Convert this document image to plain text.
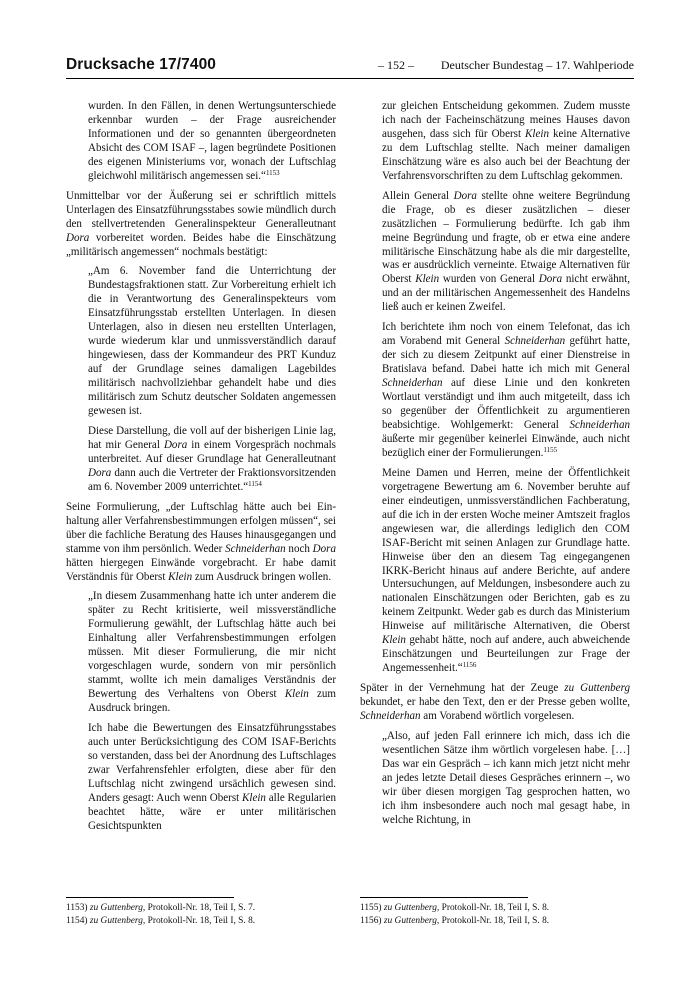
Drucksache 17/7400	– 152 – Deutscher Bundestag – 17. Wahlperiode

wurden. In den Fällen, in denen Wertungsunterschiede erkennbar wurden – der Frage ausreichender Informationen und der so genannten übergeordneten Absicht des COM ISAF –, lagen begründete Positionen des eigenen Ministeriums vor, wonach der Luftschlag gleichwohl militärisch angemessen sei.“$^{1153}$

Unmittelbar vor der Äußerung sei er schriftlich mittels Unterlagen des Einsatzführungsstabes sowie mündlich durch den stellvertretenden Generalinspekteur Generalleutnant Dora vorbereitet worden. Beides habe die Einschätzung „militärisch angemessen“ nochmals bestätigt:

„Am 6. November fand die Unterrichtung der Bundestagsfraktionen statt. Zur Vorbereitung erhielt ich die in Verantwortung des Generalinspekteurs vom Einsatzführungsstab erstellten Unterlagen. In diesen Unterlagen, also in diesen neu erstellten Unterlagen, wurde wiederum klar und unmissverständlich darauf hingewiesen, dass der Kommandeur des PRT Kunduz auf der Grundlage seines damaligen Lagebildes militärisch nachvollziehbar gehandelt habe und dies militärisch zum Schutz deutscher Soldaten angemessen gewesen ist.

Diese Darstellung, die voll auf der bisherigen Linie lag, hat mir General Dora in einem Vorgespräch nochmals unterbreitet. Auf dieser Grundlage hat Generalleutnant Dora dann auch die Vertreter der Fraktionsvorsitzenden am 6. November 2009 unterrichtet.“$^{1154}$

Seine Formulierung, „der Luftschlag hätte auch bei Einhaltung aller Verfahrensbestimmungen erfolgen müssen“, sei über die fachliche Beratung des Hauses hinausgegangen und stamme von ihm persönlich. Weder Schneiderhan noch Dora hätten hiergegen Einwände vorgebracht. Er habe damit Verständnis für Oberst Klein zum Ausdruck bringen wollen.

„In diesem Zusammenhang hatte ich unter anderem die später zu Recht kritisierte, weil missverständliche Formulierung gewählt, der Luftschlag hätte auch bei Einhaltung aller Verfahrensbestimmungen erfolgen müssen. Mit dieser Formulierung, die mir nicht vorgeschlagen wurde, sondern von mir persönlich stammt, wollte ich mein damaliges Verständnis der Bewertung des Verhaltens von Oberst Klein zum Ausdruck bringen.

Ich habe die Bewertungen des Einsatzführungsstabes auch unter Berücksichtigung des COM ISAF-Berichts so verstanden, dass bei der Anordnung des Luftschlages zwar Verfahrensfehler erfolgten, diese aber für den Luftschlag nicht zwingend ursächlich gewesen sind. Anders gesagt: Auch wenn Oberst Klein alle Regularien beachtet hätte, wäre er unter militärischen Gesichtspunkten

zur gleichen Entscheidung gekommen. Zudem musste ich nach der Facheinschätzung meines Hauses davon ausgehen, dass sich für Oberst Klein keine Alternative zu dem Luftschlag stellte. Nach meiner damaligen Einschätzung wäre es also auch bei der Beachtung der Verfahrensvorschriften zu dem Luftschlag gekommen.

Allein General Dora stellte ohne weitere Begründung die Frage, ob es dieser zusätzlichen – dieser zusätzlichen – Formulierung bedürfte. Ich gab ihm meine Begründung und fragte, ob er etwa eine andere militärische Einschätzung habe als die mir dargestellte, was er ausdrücklich verneinte. Etwaige Alternativen für Oberst Klein wurden von General Dora nicht erwähnt, und an der militärischen Angemessenheit des Handelns ließ auch er keinen Zweifel.

Ich berichtete ihm noch von einem Telefonat, das ich am Vorabend mit General Schneiderhan geführt hatte, der sich zu diesem Zeitpunkt auf einer Dienstreise in Bratislava befand. Dabei hatte ich mich mit General Schneiderhan auf diese Linie und den konkreten Wortlaut verständigt und ihm auch mitgeteilt, dass ich so gegenüber der Öffentlichkeit zu argumentieren beabsichtige. Wohlgemerkt: General Schneiderhan äußerte mir gegenüber keinerlei Einwände, auch nicht bezüglich einer der Formulierungen.$^{1155}$

Meine Damen und Herren, meine der Öffentlichkeit vorgetragene Bewertung am 6. November beruhte auf einer eindeutigen, unmissverständlichen Fachberatung, auf die ich in der ersten Woche meiner Amtszeit fraglos angewiesen war, die allerdings lediglich den COM ISAF-Bericht mit seinen Anlagen zur Grundlage hatte. Hinweise über den an diesem Tag eingegangenen IKRK-Bericht hinaus auf andere Berichte, auf andere Untersuchungen, auf Meldungen, insbesondere auch zu nationalen Einschätzungen oder Berichten, gab es zu keinem Zeitpunkt. Weder gab es durch das Ministerium Hinweise auf militärische Alternativen, die Oberst Klein gehabt hätte, noch auf andere, auch abweichende Einschätzungen und Beurteilungen zur Frage der Angemessenheit.“$^{1156}$

Später in der Vernehmung hat der Zeuge zu Guttenberg bekundet, er habe den Text, den er der Presse geben wollte, Schneiderhan am Vorabend wörtlich vorgelesen.

„Also, auf jeden Fall erinnere ich mich, dass ich die wesentlichen Sätze ihm wörtlich vorgelesen habe. […] Das war ein Gespräch – ich kann mich jetzt nicht mehr an jedes letzte Detail dieses Gespräches erinnern –, wo wir über diesen morgigen Tag gesprochen hatten, wo ich ihm insbesondere auch noch mal gesagt habe, in welche Richtung, in

1153) zu Guttenberg, Protokoll-Nr. 18, Teil I, S. 7.
1154) zu Guttenberg, Protokoll-Nr. 18, Teil I, S. 8.
1155) zu Guttenberg, Protokoll-Nr. 18, Teil I, S. 8.
1156) zu Guttenberg, Protokoll-Nr. 18, Teil I, S. 8.
